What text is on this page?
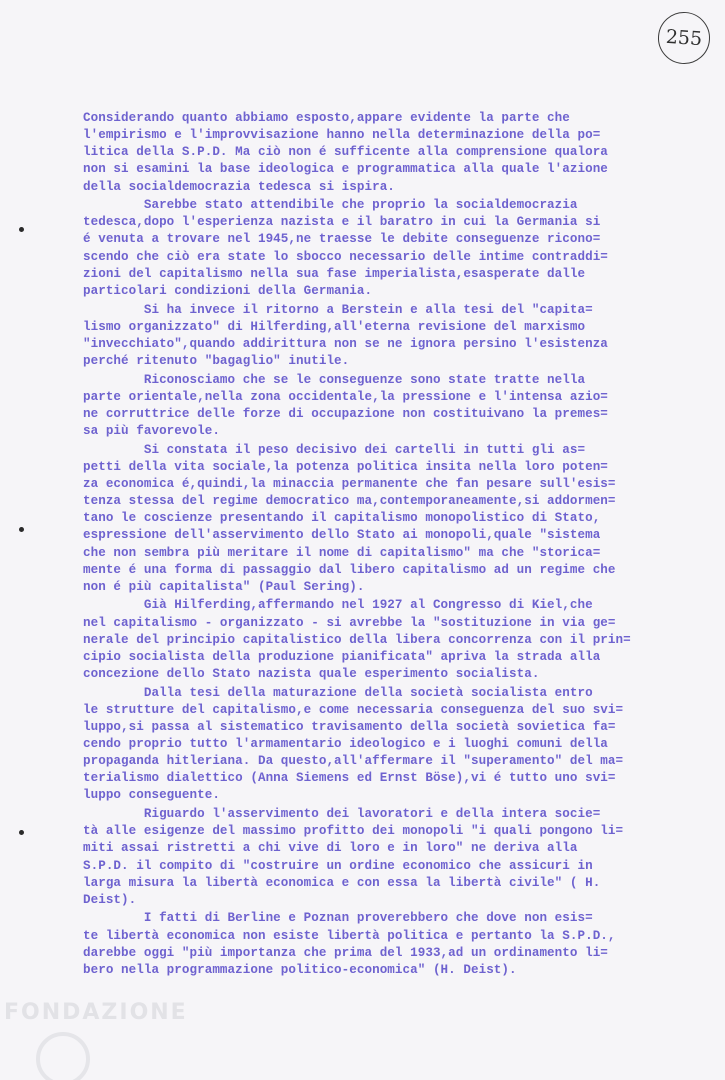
255
Considerando quanto abbiamo esposto,appare evidente la parte che
l'empirismo e l'improvvisazione hanno nella determinazione della po=
litica della S.P.D. Ma ciò non é sufficente alla comprensione qualora
non si esamini la base ideologica e programmatica alla quale l'azione
della socialdemocrazia tedesca si ispira.
Sarebbe stato attendibile che proprio la socialdemocrazia
tedesca,dopo l'esperienza nazista e il baratro in cui la Germania si
é venuta a trovare nel 1945,ne traesse le debite conseguenze ricono=
scendo che ciò era state lo sbocco necessario delle intime contraddi=
zioni del capitalismo nella sua fase imperialista,esasperate dalle
particolari condizioni della Germania.
Si ha invece il ritorno a Berstein e alla tesi del "capita=
lismo organizzato" di Hilferding,all'eterna revisione del marxismo
"invecchiato",quando addirittura non se ne ignora persino l'esistenza
perché ritenuto "bagaglio" inutile.
Riconosciamo che se le conseguenze sono state tratte nella
parte orientale,nella zona occidentale,la pressione e l'intensa azio=
ne corruttrice delle forze di occupazione non costituivano la premes=
sa più favorevole.
Si constata il peso decisivo dei cartelli in tutti gli as=
petti della vita sociale,la potenza politica insita nella loro poten=
za economica é,quindi,la minaccia permanente che fan pesare sull'esis=
tenza stessa del regime democratico ma,contemporaneamente,si addormen=
tano le coscienze presentando il capitalismo monopolistico di Stato,
espressione dell'asservimento dello Stato ai monopoli,quale "sistema
che non sembra più meritare il nome di capitalismo" ma che "storica=
mente é una forma di passaggio dal libero capitalismo ad un regime che
non é più capitalista" (Paul Sering).
Già Hilferding,affermando nel 1927 al Congresso di Kiel,che
nel capitalismo - organizzato - si avrebbe la "sostituzione in via ge=
nerale del principio capitalistico della libera concorrenza con il prin=
cipio socialista della produzione pianificata" apriva la strada alla
concezione dello Stato nazista quale esperimento socialista.
Dalla tesi della maturazione della società socialista entro
le strutture del capitalismo,e come necessaria conseguenza del suo svi=
luppo,si passa al sistematico travisamento della società sovietica fa=
cendo proprio tutto l'armamentario ideologico e i luoghi comuni della
propaganda hitleriana. Da questo,all'affermare il "superamento" del ma=
terialismo dialettico (Anna Siemens ed Ernst Böse),vi é tutto uno svi=
luppo conseguente.
Riguardo l'asservimento dei lavoratori e della intera socie=
tà alle esigenze del massimo profitto dei monopoli "i quali pongono li=
miti assai ristretti a chi vive di loro e in loro" ne deriva alla
S.P.D. il compito di "costruire un ordine economico che assicuri in
larga misura la libertà economica e con essa la libertà civile" ( H.
Deist).
I fatti di Berline e Poznan proverebbero che dove non esis=
te libertà economica non esiste libertà politica e pertanto la S.P.D.,
darebbe oggi "più importanza che prima del 1933,ad un ordinamento li=
bero nella programmazione politico-economica" (H. Deist).
FONDAZIONE
